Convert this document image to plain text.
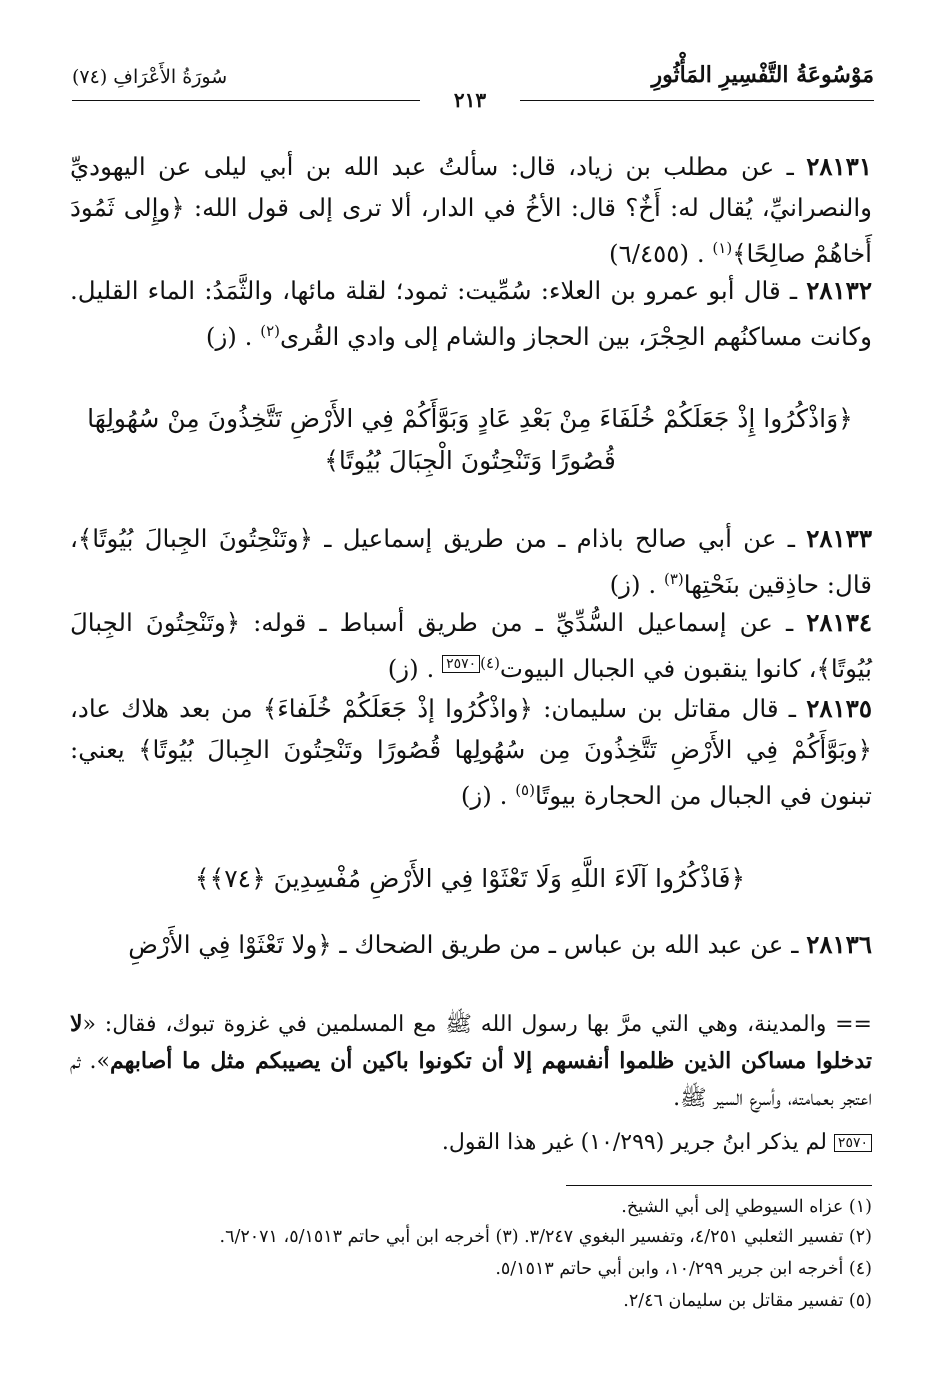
مَوْسُوعَةُ التَّفْسِيرِ المَأْثُورِ
سُورَةُ الأَعْرَافِ (٧٤)
٢١٣
٢٨١٣١ ـ عن مطلب بن زياد، قال: سألتُ عبد الله بن أبي ليلى عن اليهوديِّ والنصرانيِّ، يُقال له: أَخٌ؟ قال: الأخُ في الدار، ألا ترى إلى قول الله: ﴿وإِلى ثَمُودَ أَخاهُمْ صالِحًا﴾$^{(١)}$ . (٦/٤٥٥)
٢٨١٣٢ ـ قال أبو عمرو بن العلاء: سُمِّيت: ثمود؛ لقلة مائها، والثَّمَدُ: الماء القليل. وكانت مساكنُهم الحِجْرَ، بين الحجاز والشام إلى وادي القُرى$^{(٢)}$ . (ز)
﴿وَاذْكُرُوا إِذْ جَعَلَكُمْ خُلَفَاءَ مِنْ بَعْدِ عَادٍ وَبَوَّأَكُمْ فِي الأَرْضِ تَتَّخِذُونَ مِنْ سُهُولِهَا قُصُورًا وَتَنْحِتُونَ الْجِبَالَ بُيُوتًا﴾
٢٨١٣٣ ـ عن أبي صالح باذام ـ من طريق إسماعيل ـ ﴿وتَنْحِتُونَ الجِبالَ بُيُوتًا﴾، قال: حاذِقين بنَحْتِها$^{(٣)}$ . (ز)
٢٨١٣٤ ـ عن إسماعيل السُّدِّيِّ ـ من طريق أسباط ـ قوله: ﴿وتَنْحِتُونَ الجِبالَ بُيُوتًا﴾، كانوا ينقبون في الجبال البيوت$^{(٤)}$٢٥٧٠ . (ز)
٢٨١٣٥ ـ قال مقاتل بن سليمان: ﴿واذْكُرُوا إذْ جَعَلَكُمْ خُلَفاءَ﴾ من بعد هلاك عاد، ﴿وبَوَّأَكُمْ فِي الأَرْضِ تَتَّخِذُونَ مِن سُهُولِها قُصُورًا وتَنْحِتُونَ الجِبالَ بُيُوتًا﴾ يعني: تبنون في الجبال من الحجارة بيوتًا$^{(٥)}$ . (ز)
﴿فَاذْكُرُوا آلَاءَ اللَّهِ وَلَا تَعْثَوْا فِي الأَرْضِ مُفْسِدِينَ ﴿٧٤﴾﴾
٢٨١٣٦ ـ عن عبد الله بن عباس ـ من طريق الضحاك ـ ﴿ولا تَعْثَوْا فِي الأَرْضِ
== والمدينة، وهي التي مرَّ بها رسول الله ﷺ مع المسلمين في غزوة تبوك، فقال: «لا تدخلوا مساكن الذين ظلموا أنفسهم إلا أن تكونوا باكين أن يصيبكم مثل ما أصابهم». ثم اعتجر بعمامته، وأسرع السير ﷺ.
٢٥٧٠ لم يذكر ابنُ جرير (١٠/٢٩٩) غير هذا القول.
(١) عزاه السيوطي إلى أبي الشيخ.
(٢) تفسير الثعلبي ٤/٢٥١، وتفسير البغوي ٣/٢٤٧. (٣) أخرجه ابن أبي حاتم ٥/١٥١٣، ٦/٢٠٧١.
(٤) أخرجه ابن جرير ١٠/٢٩٩، وابن أبي حاتم ٥/١٥١٣.
(٥) تفسير مقاتل بن سليمان ٢/٤٦.
